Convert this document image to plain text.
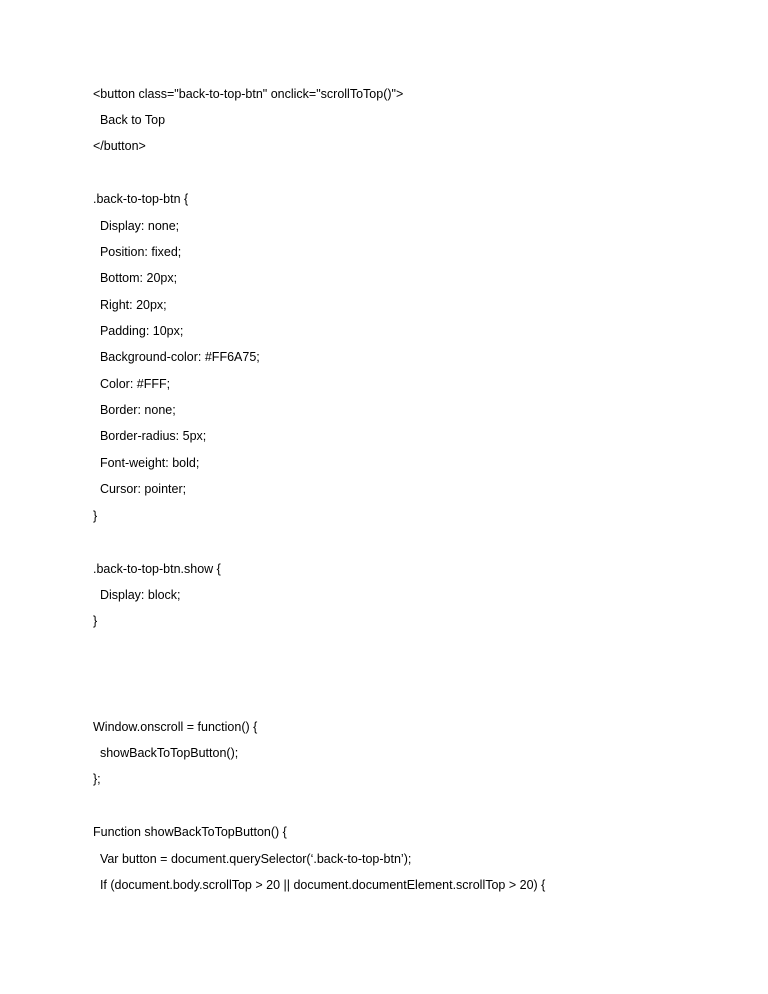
<button class="back-to-top-btn" onclick="scrollToTop()">
Back to Top
</button>
.back-to-top-btn {
Display: none;
Position: fixed;
Bottom: 20px;
Right: 20px;
Padding: 10px;
Background-color: #FF6A75;
Color: #FFF;
Border: none;
Border-radius: 5px;
Font-weight: bold;
Cursor: pointer;
}
.back-to-top-btn.show {
Display: block;
}
Window.onscroll = function() {
showBackToTopButton();
};
Function showBackToTopButton() {
Var button = document.querySelector(‘.back-to-top-btn’);
If (document.body.scrollTop > 20 || document.documentElement.scrollTop > 20) {
